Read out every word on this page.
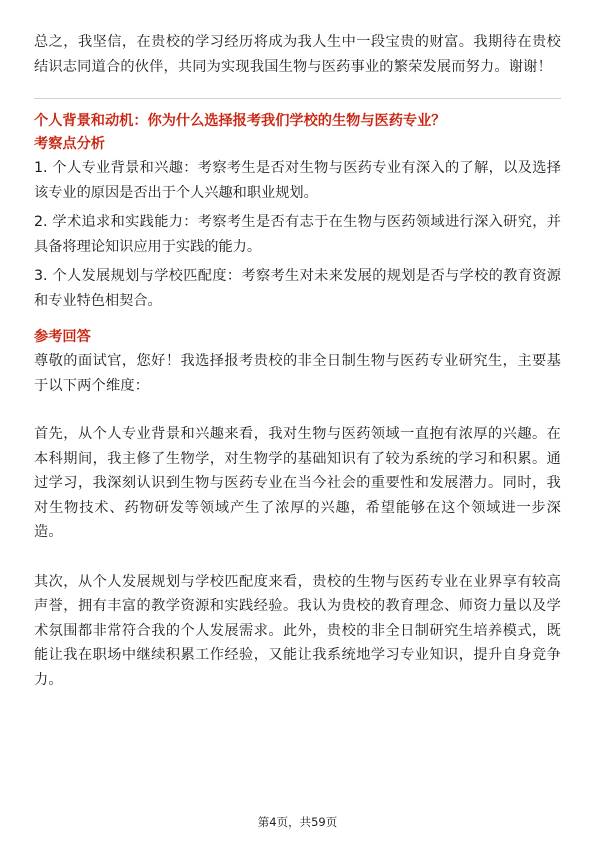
总之，我坚信，在贵校的学习经历将成为我人生中一段宝贵的财富。我期待在贵校结识志同道合的伙伴，共同为实现我国生物与医药事业的繁荣发展而努力。谢谢！

个人背景和动机：你为什么选择报考我们学校的生物与医药专业？

考察点分析

1. 个人专业背景和兴趣：考察考生是否对生物与医药专业有深入的了解，以及选择该专业的原因是否出于个人兴趣和职业规划。

2. 学术追求和实践能力：考察考生是否有志于在生物与医药领域进行深入研究，并具备将理论知识应用于实践的能力。

3. 个人发展规划与学校匹配度：考察考生对未来发展的规划是否与学校的教育资源和专业特色相契合。

参考回答

尊敬的面试官，您好！我选择报考贵校的非全日制生物与医药专业研究生，主要基于以下两个维度：

首先，从个人专业背景和兴趣来看，我对生物与医药领域一直抱有浓厚的兴趣。在本科期间，我主修了生物学，对生物学的基础知识有了较为系统的学习和积累。通过学习，我深刻认识到生物与医药专业在当今社会的重要性和发展潜力。同时，我对生物技术、药物研发等领域产生了浓厚的兴趣，希望能够在这个领域进一步深造。

其次，从个人发展规划与学校匹配度来看，贵校的生物与医药专业在业界享有较高声誉，拥有丰富的教学资源和实践经验。我认为贵校的教育理念、师资力量以及学术氛围都非常符合我的个人发展需求。此外，贵校的非全日制研究生培养模式，既能让我在职场中继续积累工作经验，又能让我系统地学习专业知识，提升自身竞争力。

第4页，共59页
